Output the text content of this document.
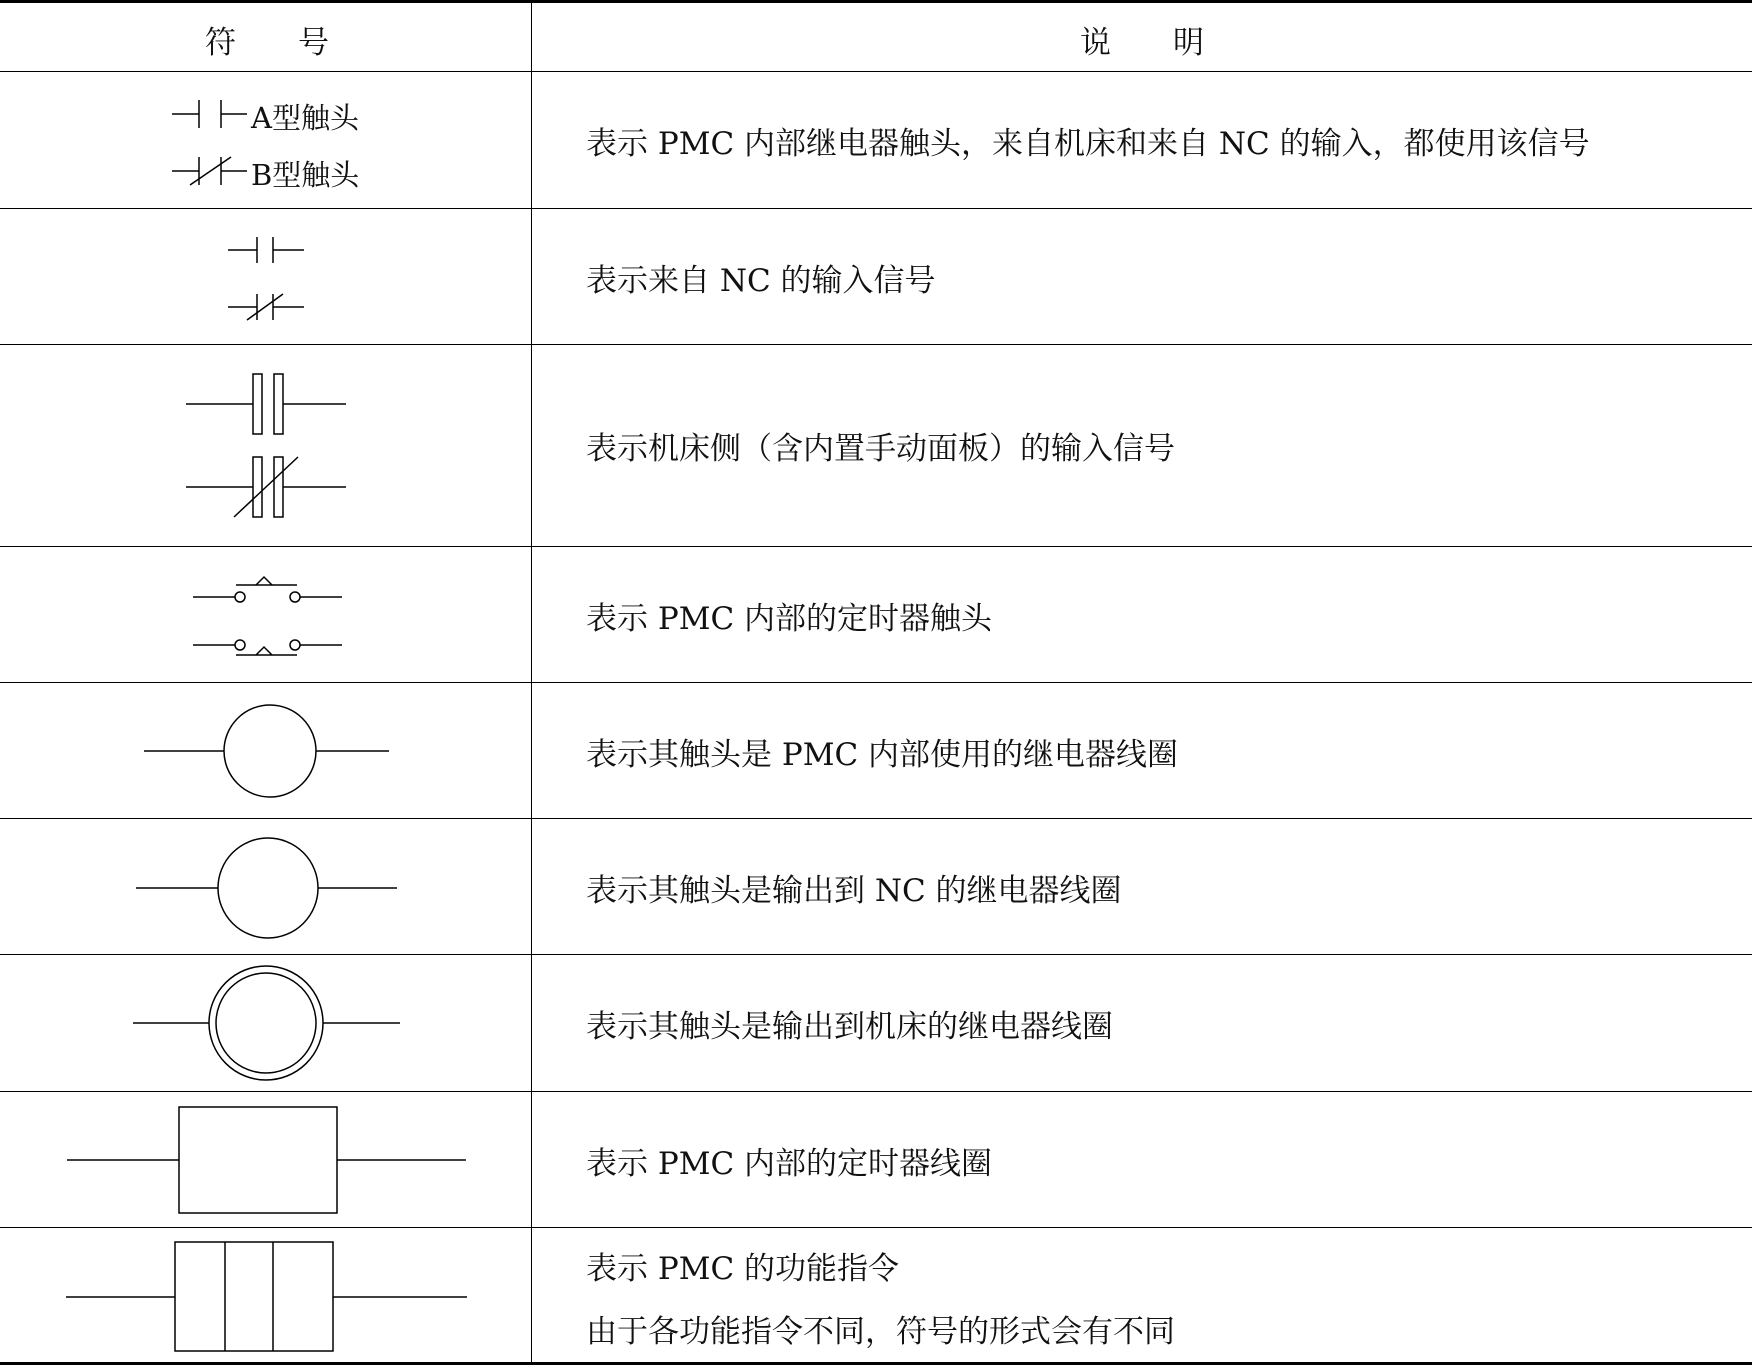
符　　号	说　　明
A型触头
B型触头
表示 PMC 内部继电器触头，来自机床和来自 NC 的输入，都使用该信号
表示来自 NC 的输入信号
表示机床侧（含内置手动面板）的输入信号
表示 PMC 内部的定时器触头
表示其触头是 PMC 内部使用的继电器线圈
表示其触头是输出到 NC 的继电器线圈
表示其触头是输出到机床的继电器线圈
表示 PMC 内部的定时器线圈
表示 PMC 的功能指令
由于各功能指令不同，符号的形式会有不同
